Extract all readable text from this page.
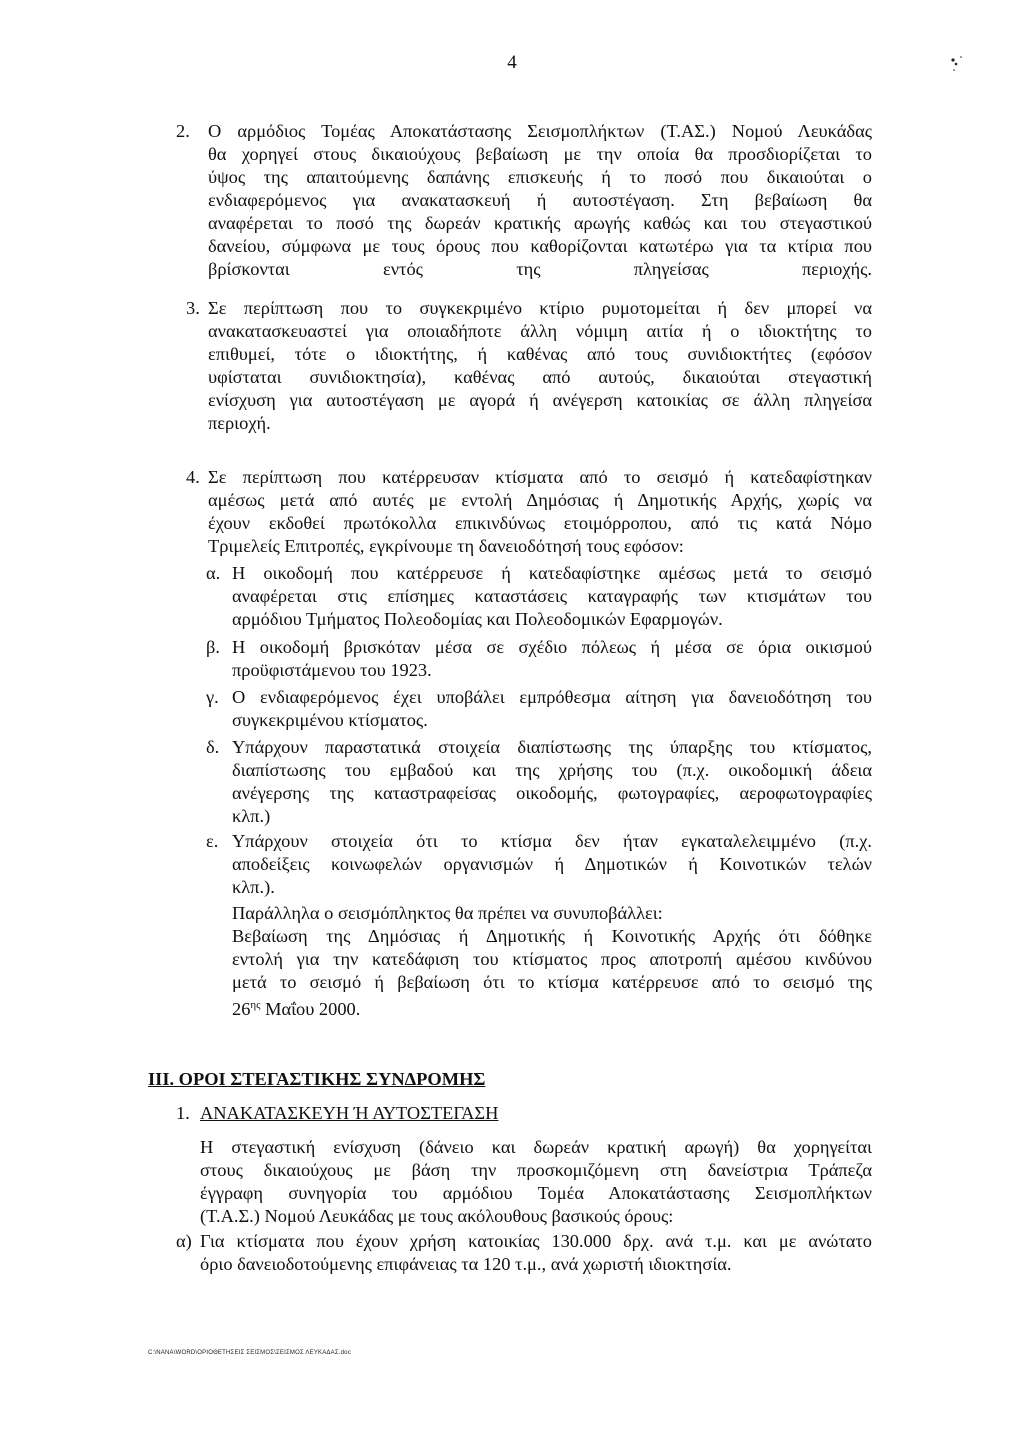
4
2. Ο αρμόδιος Τομέας Αποκατάστασης Σεισμοπλήκτων (Τ.ΑΣ.) Νομού Λευκάδας
θα χορηγεί στους δικαιούχους βεβαίωση με την οποία θα προσδιορίζεται το
ύψος της απαιτούμενης δαπάνης επισκευής ή το ποσό που δικαιούται ο
ενδιαφερόμενος για ανακατασκευή ή αυτοστέγαση. Στη βεβαίωση θα
αναφέρεται το ποσό της δωρεάν κρατικής αρωγής καθώς και του στεγαστικού
δανείου, σύμφωνα με τους όρους που καθορίζονται κατωτέρω για τα κτίρια που
βρίσκονται εντός της πληγείσας περιοχής.
3. Σε περίπτωση που το συγκεκριμένο κτίριο ρυμοτομείται ή δεν μπορεί να
ανακατασκευαστεί για οποιαδήποτε άλλη νόμιμη αιτία ή ο ιδιοκτήτης το
επιθυμεί, τότε ο ιδιοκτήτης, ή καθένας από τους συνιδιοκτήτες (εφόσον
υφίσταται συνιδιοκτησία), καθένας από αυτούς, δικαιούται στεγαστική
ενίσχυση για αυτοστέγαση με αγορά ή ανέγερση κατοικίας σε άλλη πληγείσα
περιοχή.
4. Σε περίπτωση που κατέρρευσαν κτίσματα από το σεισμό ή κατεδαφίστηκαν
αμέσως μετά από αυτές με εντολή Δημόσιας ή Δημοτικής Αρχής, χωρίς να
έχουν εκδοθεί πρωτόκολλα επικινδύνως ετοιμόρροπου, από τις κατά Νόμο
Τριμελείς Επιτροπές, εγκρίνουμε τη δανειοδότησή τους εφόσον:
α. Η οικοδομή που κατέρρευσε ή κατεδαφίστηκε αμέσως μετά το σεισμό
αναφέρεται στις επίσημες καταστάσεις καταγραφής των κτισμάτων του
αρμόδιου Τμήματος Πολεοδομίας και Πολεοδομικών Εφαρμογών.
β. Η οικοδομή βρισκόταν μέσα σε σχέδιο πόλεως ή μέσα σε όρια οικισμού
προϋφιστάμενου του 1923.
γ. Ο ενδιαφερόμενος έχει υποβάλει εμπρόθεσμα αίτηση για δανειοδότηση του
συγκεκριμένου κτίσματος.
δ. Υπάρχουν παραστατικά στοιχεία διαπίστωσης της ύπαρξης του κτίσματος,
διαπίστωσης του εμβαδού και της χρήσης του (π.χ. οικοδομική άδεια
ανέγερσης της καταστραφείσας οικοδομής, φωτογραφίες, αεροφωτογραφίες
κλπ.)
ε. Υπάρχουν στοιχεία ότι το κτίσμα δεν ήταν εγκαταλελειμμένο (π.χ.
αποδείξεις κοινωφελών οργανισμών ή Δημοτικών ή Κοινοτικών τελών
κλπ.).
Παράλληλα ο σεισμόπληκτος θα πρέπει να συνυποβάλλει:
Βεβαίωση της Δημόσιας ή Δημοτικής ή Κοινοτικής Αρχής ότι δόθηκε
εντολή για την κατεδάφιση του κτίσματος προς αποτροπή αμέσου κινδύνου
μετά το σεισμό ή βεβαίωση ότι το κτίσμα κατέρρευσε από το σεισμό της
$26^{\eta\varsigma}$ Μαΐου 2000.
ΙΙΙ. ΟΡΟΙ ΣΤΕΓΑΣΤΙΚΗΣ ΣΥΝΔΡΟΜΗΣ
1. ΑΝΑΚΑΤΑΣΚΕΥΗ Ή ΑΥΤΟΣΤΕΓΑΣΗ
Η στεγαστική ενίσχυση (δάνειο και δωρεάν κρατική αρωγή) θα χορηγείται
στους δικαιούχους με βάση την προσκομιζόμενη στη δανείστρια Τράπεζα
έγγραφη συνηγορία του αρμόδιου Τομέα Αποκατάστασης Σεισμοπλήκτων
(Τ.Α.Σ.) Νομού Λευκάδας με τους ακόλουθους βασικούς όρους:
α) Για κτίσματα που έχουν χρήση κατοικίας 130.000 δρχ. ανά τ.μ. και με ανώτατο
όριο δανειοδοτούμενης επιφάνειας τα 120 τ.μ., ανά χωριστή ιδιοκτησία.
C:\NANA\WORD\ΟΡΙΟΘΕΤΗΣΕΙΣ ΣΕΙΣΜΟΣ\ΣΕΙΣΜΟΣ ΛΕΥΚΑΔΑΣ.doc
